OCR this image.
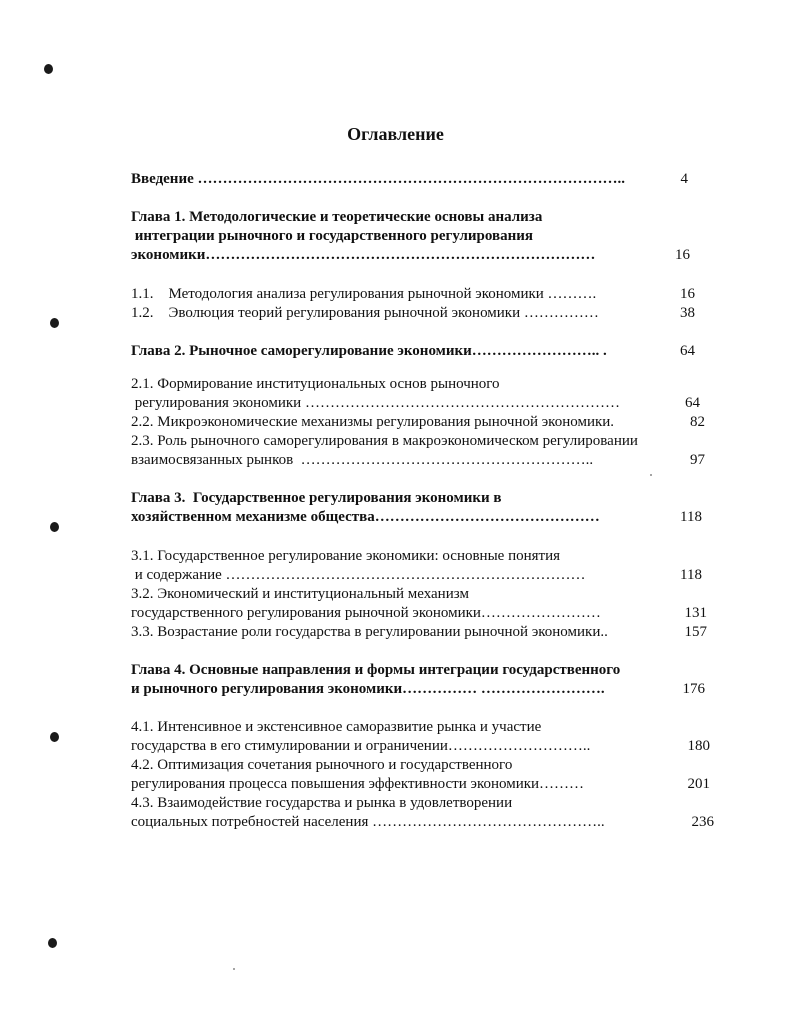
Оглавление
Введение …………………………………………………………………………..	4
Глава 1. Методологические и теоретические основы анализа
интеграции рыночного и государственного регулирования
экономики……………………………………………………………………	16
1.1.    Методология анализа регулирования рыночной экономики ……….	16
1.2.    Эволюция теорий регулирования рыночной экономики ……………	38
Глава 2. Рыночное саморегулирование экономики…………………….. .	64
2.1. Формирование институциональных основ рыночного
регулирования экономики ………………………………………………………	64
2.2. Микроэкономические механизмы регулирования рыночной экономики.	82
2.3. Роль рыночного саморегулирования в макроэкономическом регулировании
взаимосвязанных рынков  …………………………………………………..	97
Глава 3.  Государственное регулирования экономики в
хозяйственном механизме общества………………………………………	118
3.1. Государственное регулирование экономики: основные понятия
и содержание ………………………………………………………………	118
3.2. Экономический и институциональный механизм
государственного регулирования рыночной экономики……………………	131
3.3. Возрастание роли государства в регулировании рыночной экономики..	157
Глава 4. Основные направления и формы интеграции государственного
и рыночного регулирования экономики…………… …………………….	176
4.1. Интенсивное и экстенсивное саморазвитие рынка и участие
государства в его стимулировании и ограничении………………………..	180
4.2. Оптимизация сочетания рыночного и государственного
регулирования процесса повышения эффективности экономики………	201
4.3. Взаимодействие государства и рынка в удовлетворении
социальных потребностей населения ………………………………………..	236
